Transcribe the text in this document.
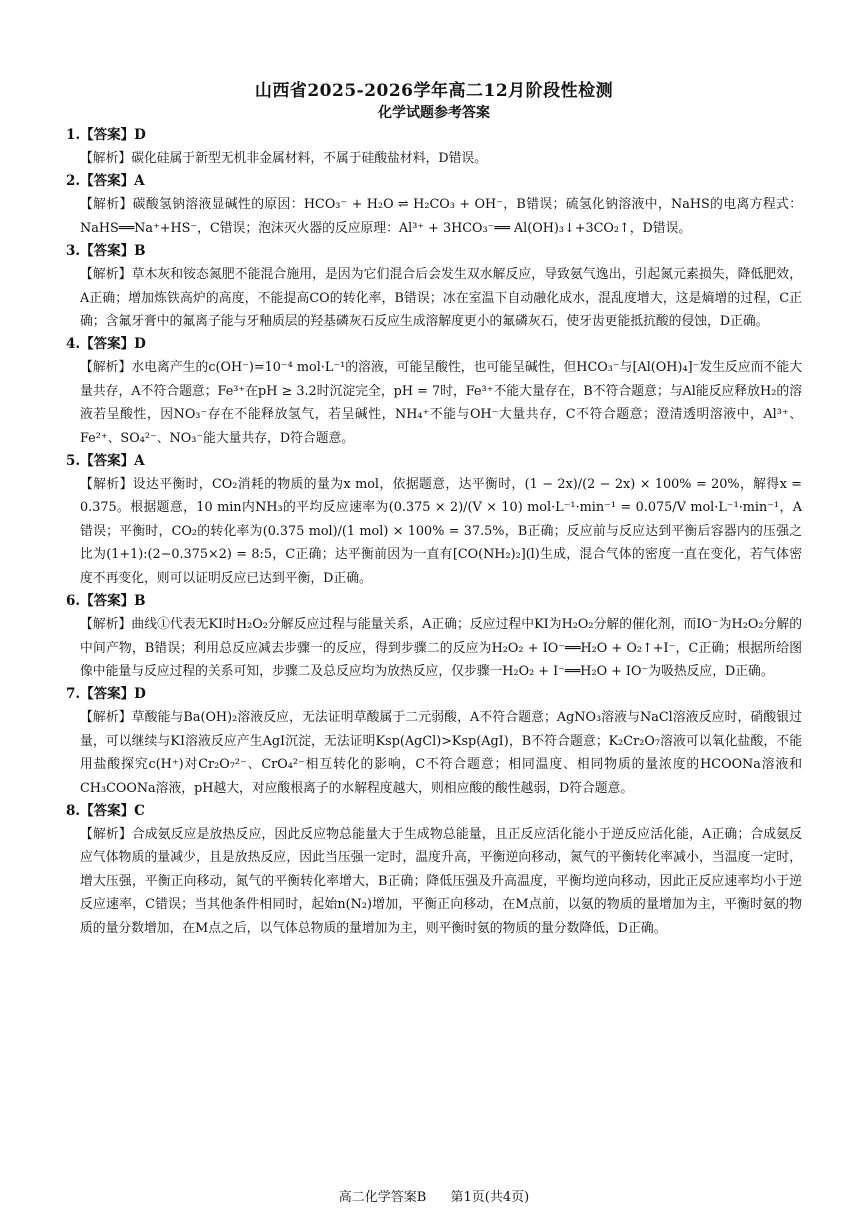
山西省2025-2026学年高二12月阶段性检测
化学试题参考答案
1.【答案】D

【解析】碳化硅属于新型无机非金属材料，不属于硅酸盐材料，D错误。

2.【答案】A

【解析】碳酸氢钠溶液显碱性的原因：HCO₃⁻ + H₂O ⇌ H₂CO₃ + OH⁻，B错误；硫氢化钠溶液中，NaHS的电离方程式：NaHS══Na⁺+HS⁻，C错误；泡沫灭火器的反应原理：Al³⁺ + 3HCO₃⁻══ Al(OH)₃↓+3CO₂↑，D错误。

3.【答案】B

【解析】草木灰和铵态氮肥不能混合施用，是因为它们混合后会发生双水解反应，导致氨气逸出，引起氮元素损失，降低肥效，A正确；增加炼铁高炉的高度，不能提高CO的转化率，B错误；冰在室温下自动融化成水，混乱度增大，这是熵增的过程，C正确；含氟牙膏中的氟离子能与牙釉质层的羟基磷灰石反应生成溶解度更小的氟磷灰石，使牙齿更能抵抗酸的侵蚀，D正确。

4.【答案】D

【解析】水电离产生的c(OH⁻)=10⁻⁴ mol·L⁻¹的溶液，可能呈酸性，也可能呈碱性，但HCO₃⁻与[Al(OH)₄]⁻发生反应而不能大量共存，A不符合题意；Fe³⁺在pH ≥ 3.2时沉淀完全，pH = 7时，Fe³⁺不能大量存在，B不符合题意；与Al能反应释放H₂的溶液若呈酸性，因NO₃⁻存在不能释放氢气，若呈碱性，NH₄⁺不能与OH⁻大量共存，C不符合题意；澄清透明溶液中，Al³⁺、Fe²⁺、SO₄²⁻、NO₃⁻能大量共存，D符合题意。

5.【答案】A

【解析】设达平衡时，CO₂消耗的物质的量为x mol，依据题意，达平衡时，(1 − 2x)/(2 − 2x) × 100% = 20%，解得x = 0.375。根据题意，10 min内NH₃的平均反应速率为(0.375 × 2)/(V × 10) mol·L⁻¹·min⁻¹ = 0.075/V mol·L⁻¹·min⁻¹，A错误；平衡时，CO₂的转化率为(0.375 mol)/(1 mol) × 100% = 37.5%，B正确；反应前与反应达到平衡后容器内的压强之比为(1+1):(2−0.375×2) = 8:5，C正确；达平衡前因为一直有[CO(NH₂)₂](l)生成，混合气体的密度一直在变化，若气体密度不再变化，则可以证明反应已达到平衡，D正确。

6.【答案】B

【解析】曲线①代表无KI时H₂O₂分解反应过程与能量关系，A正确；反应过程中KI为H₂O₂分解的催化剂，而IO⁻为H₂O₂分解的中间产物，B错误；利用总反应减去步骤一的反应，得到步骤二的反应为H₂O₂ + IO⁻══H₂O + O₂↑+I⁻，C正确；根据所给图像中能量与反应过程的关系可知，步骤二及总反应均为放热反应，仅步骤一H₂O₂ + I⁻══H₂O + IO⁻为吸热反应，D正确。

7.【答案】D

【解析】草酸能与Ba(OH)₂溶液反应，无法证明草酸属于二元弱酸，A不符合题意；AgNO₃溶液与NaCl溶液反应时，硝酸银过量，可以继续与KI溶液反应产生AgI沉淀，无法证明Ksp(AgCl)>Ksp(AgI)，B不符合题意；K₂Cr₂O₇溶液可以氧化盐酸，不能用盐酸探究c(H⁺)对Cr₂O₇²⁻、CrO₄²⁻相互转化的影响，C不符合题意；相同温度、相同物质的量浓度的HCOONa溶液和CH₃COONa溶液，pH越大，对应酸根离子的水解程度越大，则相应酸的酸性越弱，D符合题意。

8.【答案】C

【解析】合成氨反应是放热反应，因此反应物总能量大于生成物总能量，且正反应活化能小于逆反应活化能，A正确；合成氨反应气体物质的量减少，且是放热反应，因此当压强一定时，温度升高，平衡逆向移动，氮气的平衡转化率减小，当温度一定时，增大压强，平衡正向移动，氮气的平衡转化率增大，B正确；降低压强及升高温度，平衡均逆向移动，因此正反应速率均小于逆反应速率，C错误；当其他条件相同时，起始n(N₂)增加，平衡正向移动，在M点前，以氨的物质的量增加为主，平衡时氨的物质的量分数增加，在M点之后，以气体总物质的量增加为主，则平衡时氨的物质的量分数降低，D正确。

高二化学答案B 第1页(共4页)
